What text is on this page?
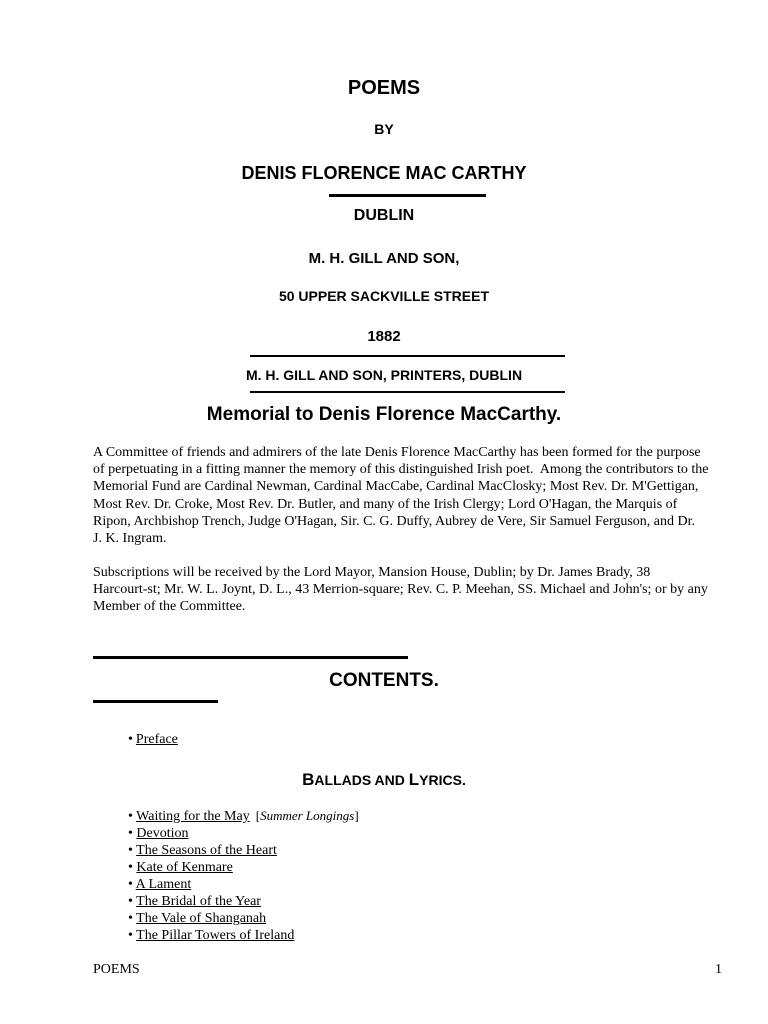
POEMS
BY
DENIS FLORENCE MAC CARTHY
DUBLIN
M. H. GILL AND SON,
50 UPPER SACKVILLE STREET
1882
M. H. GILL AND SON, PRINTERS, DUBLIN
Memorial to Denis Florence MacCarthy.
A Committee of friends and admirers of the late Denis Florence MacCarthy has been formed for the purpose
of perpetuating in a fitting manner the memory of this distinguished Irish poet.  Among the contributors to the
Memorial Fund are Cardinal Newman, Cardinal MacCabe, Cardinal MacClosky; Most Rev. Dr. M'Gettigan,
Most Rev. Dr. Croke, Most Rev. Dr. Butler, and many of the Irish Clergy; Lord O'Hagan, the Marquis of
Ripon, Archbishop Trench, Judge O'Hagan, Sir. C. G. Duffy, Aubrey de Vere, Sir Samuel Ferguson, and Dr.
J. K. Ingram.
Subscriptions will be received by the Lord Mayor, Mansion House, Dublin; by Dr. James Brady, 38
Harcourt-st; Mr. W. L. Joynt, D. L., 43 Merrion-square; Rev. C. P. Meehan, SS. Michael and John's; or by any
Member of the Committee.
CONTENTS.
• Preface
BALLADS AND LYRICS.
• Waiting for the May [Summer Longings]
• Devotion
• The Seasons of the Heart
• Kate of Kenmare
• A Lament
• The Bridal of the Year
• The Vale of Shanganah
• The Pillar Towers of Ireland
POEMS	1
